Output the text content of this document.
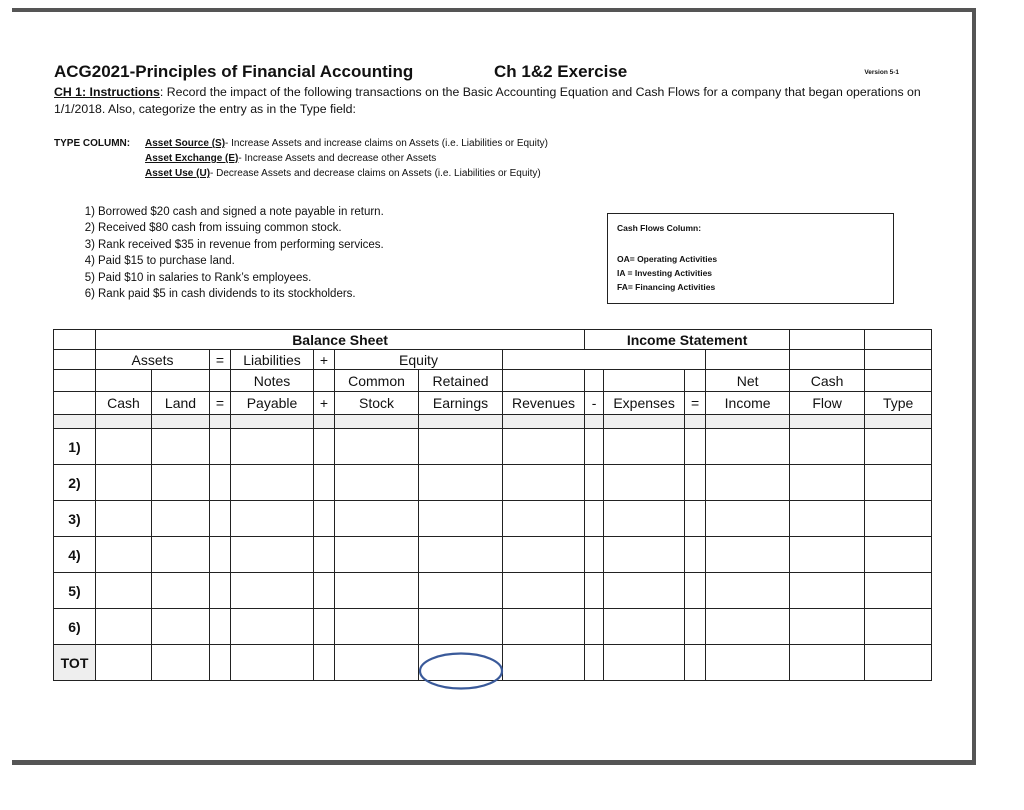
ACG2021-Principles of Financial Accounting	Ch 1&2 Exercise	Version 5-1
CH 1: Instructions: Record the impact of the following transactions on the Basic Accounting Equation and Cash Flows for a company that began operations on 1/1/2018. Also, categorize the entry as in the Type field:
TYPE COLUMN: Asset Source (S)- Increase Assets and increase claims on Assets (i.e. Liabilities or Equity)
Asset Exchange (E)- Increase Assets and decrease other Assets
Asset Use (U)- Decrease Assets and decrease claims on Assets (i.e. Liabilities or Equity)
1) Borrowed $20 cash and signed a note payable in return.
2) Received $80 cash from issuing common stock.
3) Rank received $35 in revenue from performing services.
4) Paid $15 to purchase land.
5) Paid $10 in salaries to Rank’s employees.
6) Rank paid $5 in cash dividends to its stockholders.
Cash Flows Column:
OA= Operating Activities
IA = Investing Activities
FA= Financing Activities
	Balance Sheet								Income Statement					
	Assets		=	Liabilities	+	Equity								
				Notes		Common	Retained					Net	Cash	
	Cash	Land	=	Payable	+	Stock	Earnings	Revenues	-	Expenses	=	Income	Flow	Type

1)														
2)														
3)														
4)														
5)														
6)														
TOT														
